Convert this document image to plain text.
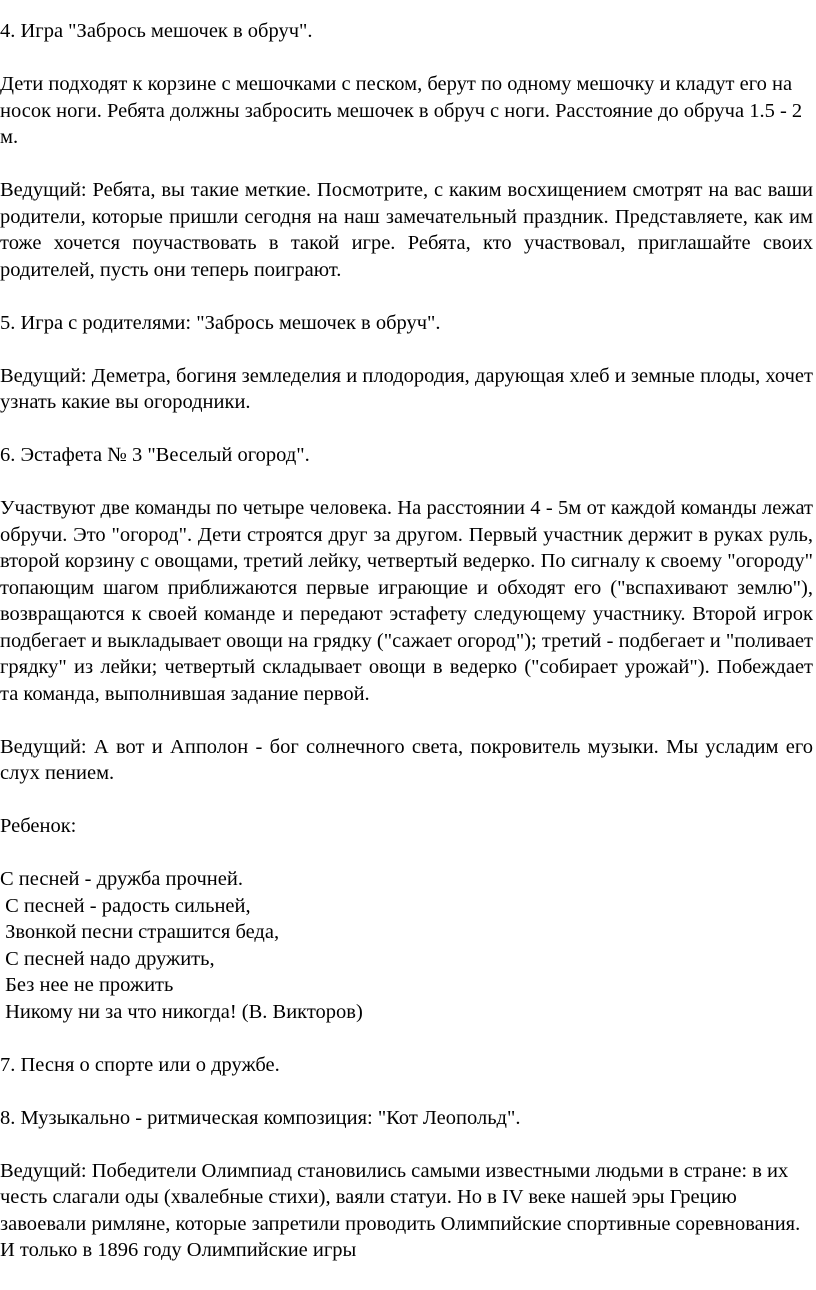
4. Игра "Забрось мешочек в обруч".

Дети подходят к корзине с мешочками с песком, берут по одному мешочку и кладут его на носок ноги. Ребята должны забросить мешочек в обруч с ноги. Расстояние до обруча 1.5 - 2 м.

Ведущий: Ребята, вы такие меткие. Посмотрите, с каким восхищением смотрят на вас ваши родители, которые пришли сегодня на наш замечательный праздник. Представляете, как им тоже хочется поучаствовать в такой игре. Ребята, кто участвовал, приглашайте своих родителей, пусть они теперь поиграют.

5. Игра с родителями: "Забрось мешочек в обруч".

Ведущий: Деметра, богиня земледелия и плодородия, дарующая хлеб и земные плоды, хочет узнать какие вы огородники.

6. Эстафета № 3 "Веселый огород".

Участвуют две команды по четыре человека. На расстоянии 4 - 5м от каждой команды лежат обручи. Это "огород". Дети строятся друг за другом. Первый участник держит в руках руль, второй корзину с овощами, третий лейку, четвертый ведерко. По сигналу к своему "огороду" топающим шагом приближаются первые играющие и обходят его ("вспахивают землю"), возвращаются к своей команде и передают эстафету следующему участнику. Второй игрок подбегает и выкладывает овощи на грядку ("сажает огород"); третий - подбегает и "поливает грядку" из лейки; четвертый складывает овощи в ведерко ("собирает урожай"). Побеждает та команда, выполнившая задание первой.

Ведущий: А вот и Апполон - бог солнечного света, покровитель музыки. Мы усладим его слух пением.

Ребенок:

С песней - дружба прочней.
С песней - радость сильней,
Звонкой песни страшится беда,
С песней надо дружить,
Без нее не прожить
Никому ни за что никогда! (В. Викторов)

7. Песня о спорте или о дружбе.

8. Музыкально - ритмическая композиция: "Кот Леопольд".

Ведущий: Победители Олимпиад становились самыми известными людьми в стране: в их честь слагали оды (хвалебные стихи), ваяли статуи. Но в IV веке нашей эры Грецию завоевали римляне, которые запретили проводить Олимпийские спортивные соревнования. И только в 1896 году Олимпийские игры
